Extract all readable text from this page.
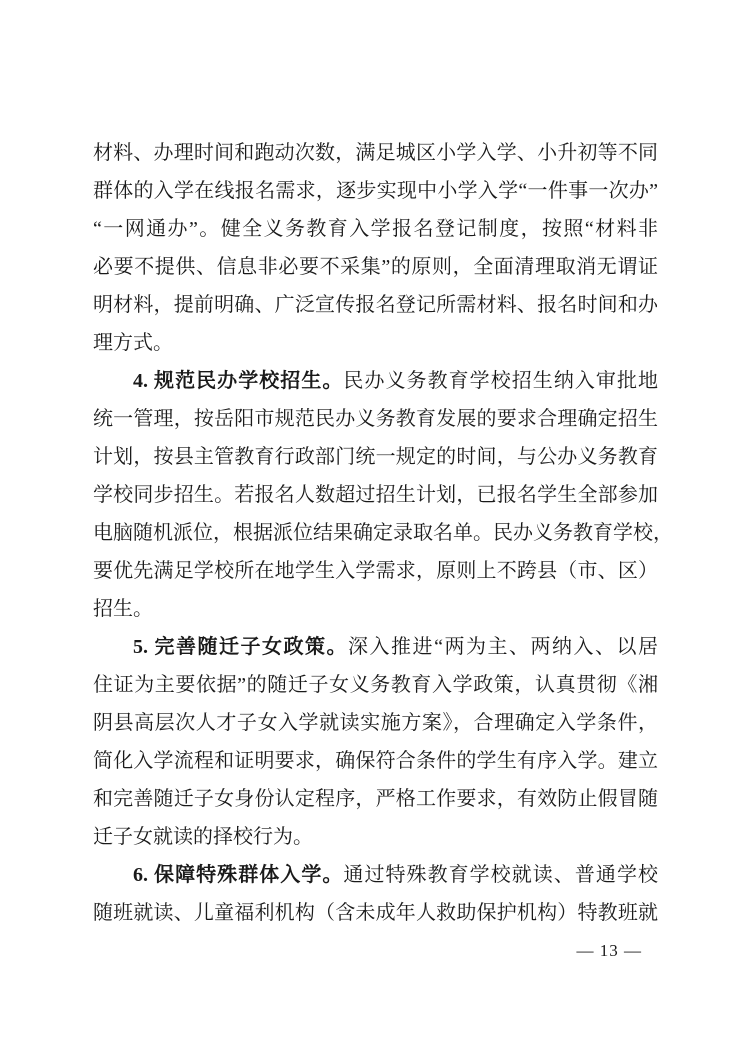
材料、办理时间和跑动次数，满足城区小学入学、小升初等不同
群体的入学在线报名需求，逐步实现中小学入学“一件事一次办”
“一网通办”。健全义务教育入学报名登记制度，按照“材料非
必要不提供、信息非必要不采集”的原则，全面清理取消无谓证
明材料，提前明确、广泛宣传报名登记所需材料、报名时间和办
理方式。
4. 规范民办学校招生。民办义务教育学校招生纳入审批地
统一管理，按岳阳市规范民办义务教育发展的要求合理确定招生
计划，按县主管教育行政部门统一规定的时间，与公办义务教育
学校同步招生。若报名人数超过招生计划，已报名学生全部参加
电脑随机派位，根据派位结果确定录取名单。民办义务教育学校，
要优先满足学校所在地学生入学需求，原则上不跨县（市、区）
招生。
5. 完善随迁子女政策。深入推进“两为主、两纳入、以居
住证为主要依据”的随迁子女义务教育入学政策，认真贯彻《湘
阴县高层次人才子女入学就读实施方案》，合理确定入学条件，
简化入学流程和证明要求，确保符合条件的学生有序入学。建立
和完善随迁子女身份认定程序，严格工作要求，有效防止假冒随
迁子女就读的择校行为。
6. 保障特殊群体入学。通过特殊教育学校就读、普通学校
随班就读、儿童福利机构（含未成年人救助保护机构）特教班就
— 13 —
